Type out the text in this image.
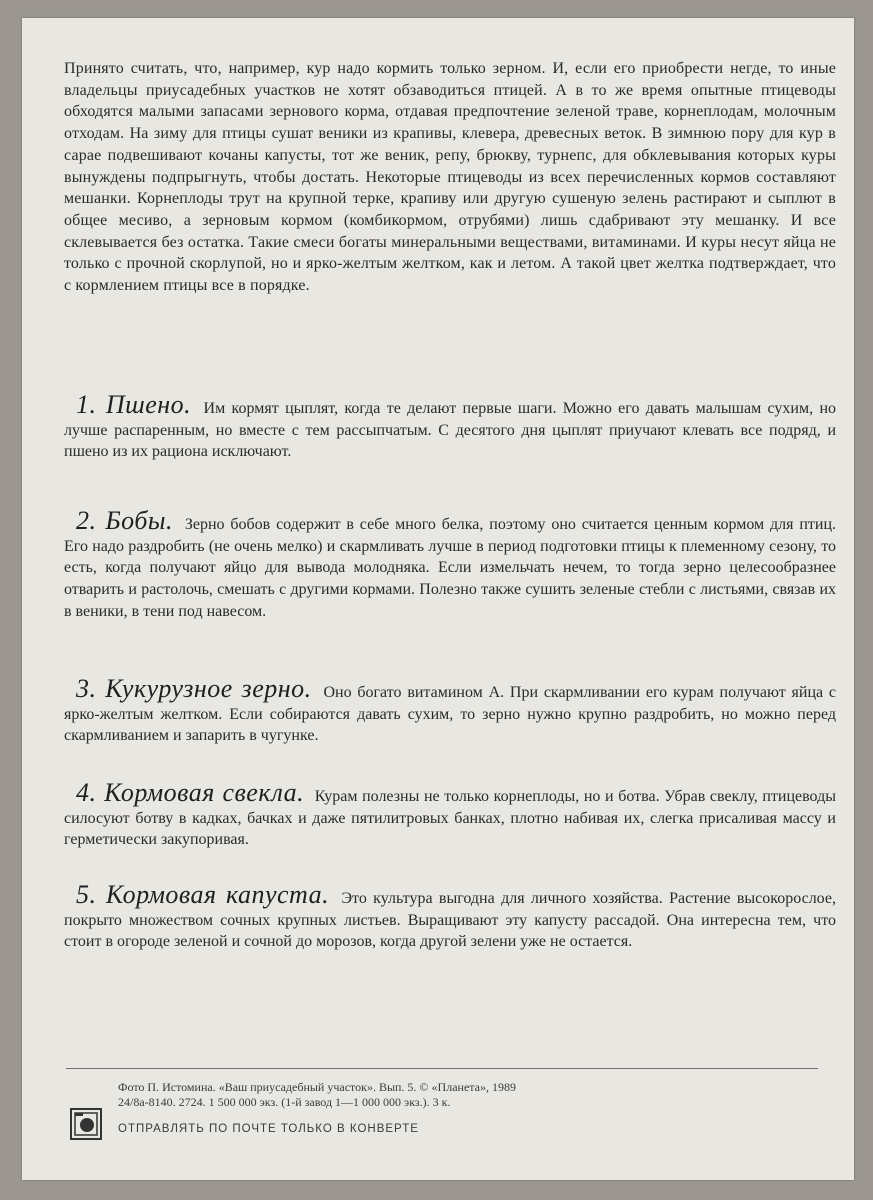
Принято считать, что, например, кур надо кормить только зерном. И, если его приобрести негде, то иные владельцы приусадебных участков не хотят обзаводиться птицей. А в то же время опытные птицеводы обходятся малыми запасами зернового корма, отдавая предпочтение зеленой траве, корнеплодам, молочным отходам. На зиму для птицы сушат веники из крапивы, клевера, древесных веток. В зимнюю пору для кур в сарае подвешивают кочаны капусты, тот же веник, репу, брюкву, турнепс, для обклевывания которых куры вынуждены подпрыгнуть, чтобы достать. Некоторые птицеводы из всех перечисленных кормов составляют мешанки. Корнеплоды трут на крупной терке, крапиву или другую сушеную зелень растирают и сыплют в общее месиво, а зерновым кормом (комбикормом, отрубями) лишь сдабривают эту мешанку. И все склевывается без остатка. Такие смеси богаты минеральными веществами, витаминами. И куры несут яйца не только с прочной скорлупой, но и ярко-желтым желтком, как и летом. А такой цвет желтка подтверждает, что с кормлением птицы все в порядке.

1. Пшено. Им кормят цыплят, когда те делают первые шаги. Можно его давать малышам сухим, но лучше распаренным, но вместе с тем рассыпчатым. С десятого дня цыплят приучают клевать все подряд, и пшено из их рациона исключают.

2. Бобы. Зерно бобов содержит в себе много белка, поэтому оно считается ценным кормом для птиц. Его надо раздробить (не очень мелко) и скармливать лучше в период подготовки птицы к племенному сезону, то есть, когда получают яйцо для вывода молодняка. Если измельчать нечем, то тогда зерно целесообразнее отварить и растолочь, смешать с другими кормами. Полезно также сушить зеленые стебли с листьями, связав их в веники, в тени под навесом.

3. Кукурузное зерно. Оно богато витамином А. При скармливании его курам получают яйца с ярко-желтым желтком. Если собираются давать сухим, то зерно нужно крупно раздробить, но можно перед скармливанием и запарить в чугунке.

4. Кормовая свекла. Курам полезны не только корнеплоды, но и ботва. Убрав свеклу, птицеводы силосуют ботву в кадках, бачках и даже пятилитровых банках, плотно набивая их, слегка присаливая массу и герметически закупоривая.

5. Кормовая капуста. Это культура выгодна для личного хозяйства. Растение высокорослое, покрыто множеством сочных крупных листьев. Выращивают эту капусту рассадой. Она интересна тем, что стоит в огороде зеленой и сочной до морозов, когда другой зелени уже не остается.

Фото П. Истомина. «Ваш приусадебный участок». Вып. 5. © «Планета», 1989
24/8а-8140. 2724. 1 500 000 экз. (1-й завод 1—1 000 000 экз.). 3 к.
ОТПРАВЛЯТЬ ПО ПОЧТЕ ТОЛЬКО В КОНВЕРТЕ
